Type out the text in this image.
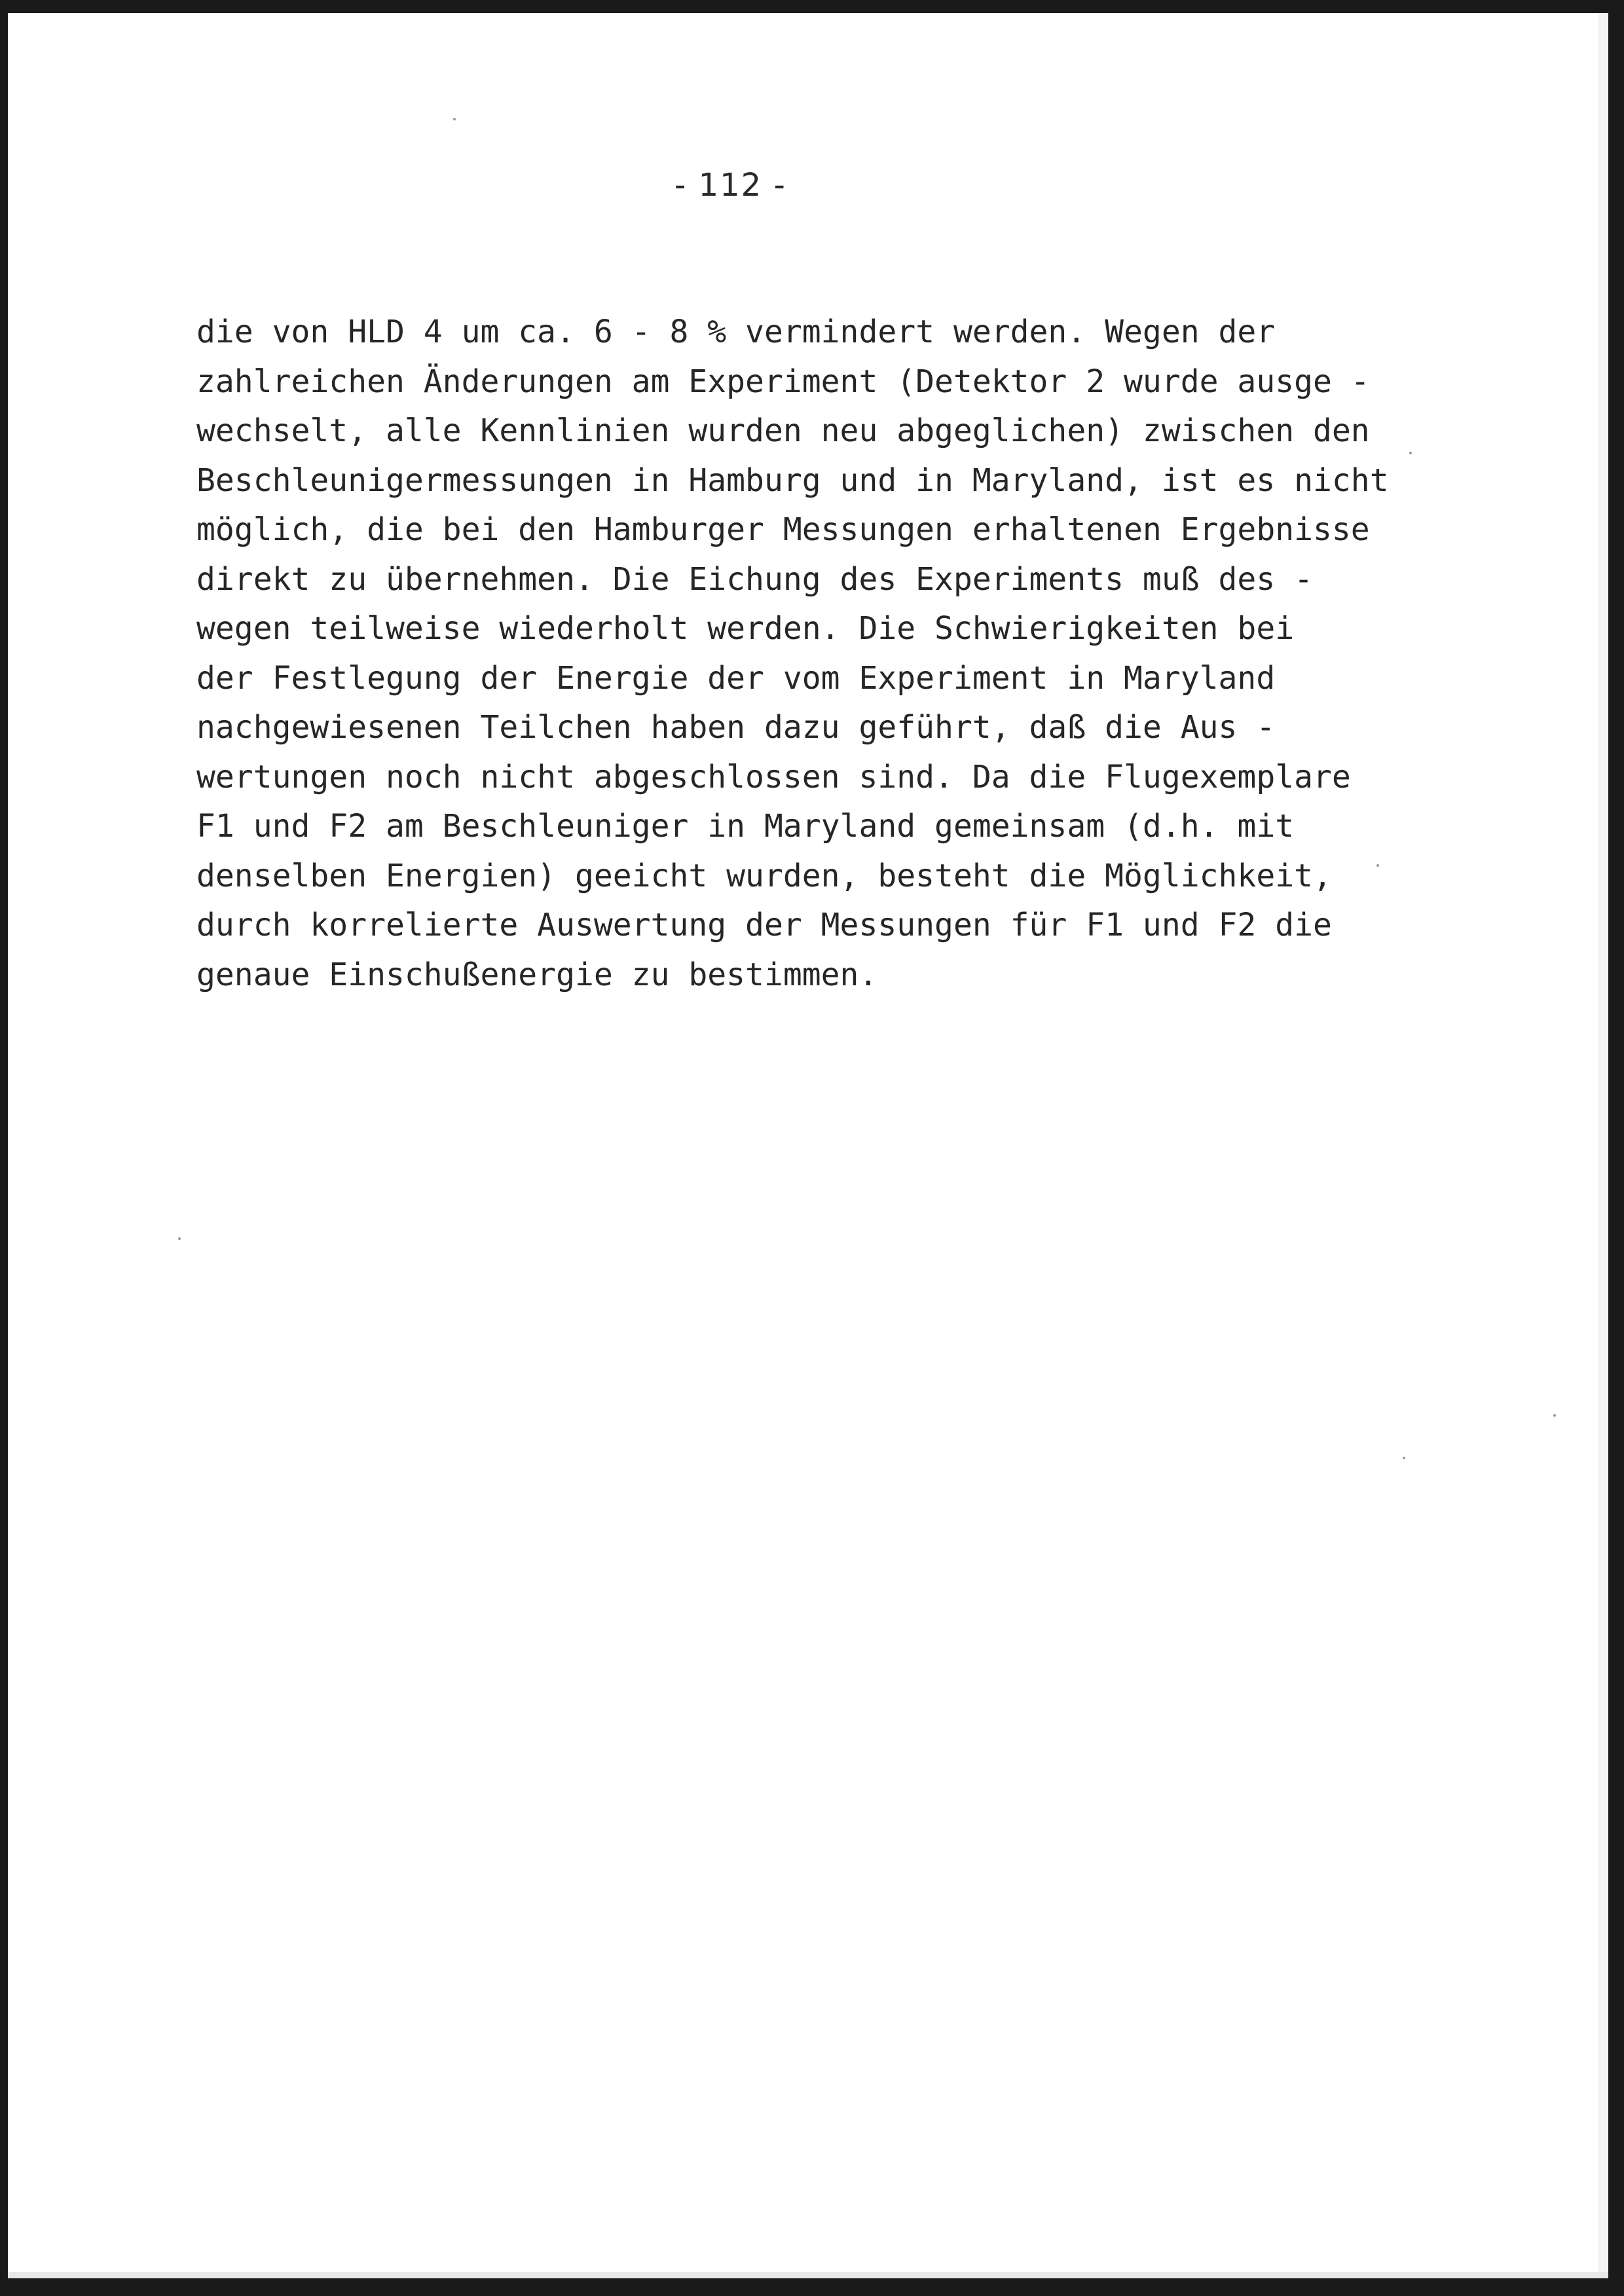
- 112 -
die von HLD 4 um ca. 6 - 8 % vermindert werden. Wegen der
zahlreichen Änderungen am Experiment (Detektor 2 wurde ausge -
wechselt, alle Kennlinien wurden neu abgeglichen) zwischen den
Beschleunigermessungen in Hamburg und in Maryland, ist es nicht
möglich, die bei den Hamburger Messungen erhaltenen Ergebnisse
direkt zu übernehmen. Die Eichung des Experiments muß des -
wegen teilweise wiederholt werden. Die Schwierigkeiten bei
der Festlegung der Energie der vom Experiment in Maryland
nachgewiesenen Teilchen haben dazu geführt, daß die Aus -
wertungen noch nicht abgeschlossen sind. Da die Flugexemplare
F1 und F2 am Beschleuniger in Maryland gemeinsam (d.h. mit
denselben Energien) geeicht wurden, besteht die Möglichkeit,
durch korrelierte Auswertung der Messungen für F1 und F2 die
genaue Einschußenergie zu bestimmen.
